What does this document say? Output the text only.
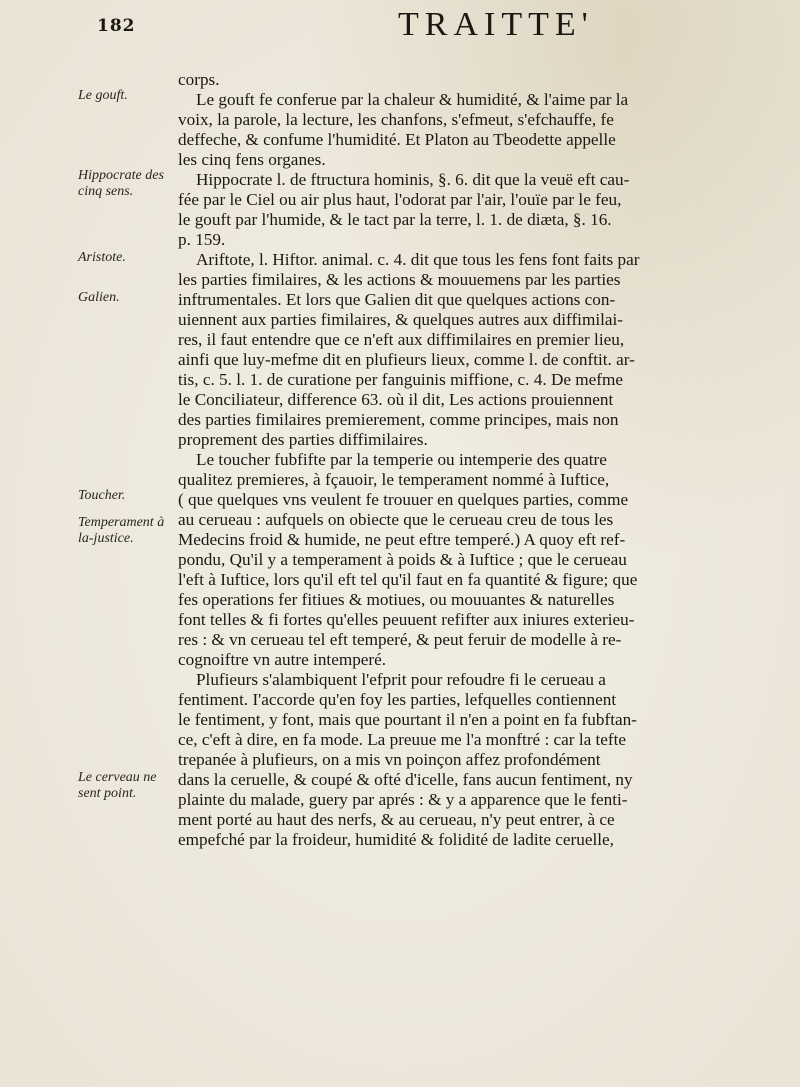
182	TRAITTE'
Le gouft.
Hippocrate des cinq sens.
Aristote.
Galien.
Toucher.
Temperament à la-justice.
Le cerveau ne sent point.
corps.
Le gouft fe conferue par la chaleur & humidité, & l'aime par la
voix, la parole, la lecture, les chanfons, s'efmeut, s'efchauffe, fe
deffeche, & confume l'humidité. Et Platon au Tbeodette appelle
les cinq fens organes.
Hippocrate l. de ftructura hominis, §. 6. dit que la veuë eft cau-
fée par le Ciel ou air plus haut, l'odorat par l'air, l'ouïe par le feu,
le gouft par l'humide, & le tact par la terre, l. 1. de diæta, §. 16.
p. 159.
Ariftote, l. Hiftor. animal. c. 4. dit que tous les fens font faits par
les parties fimilaires, & les actions & mouuemens par les parties
inftrumentales. Et lors que Galien dit que quelques actions con-
uiennent aux parties fimilaires, & quelques autres aux diffimilai-
res, il faut entendre que ce n'eft aux diffimilaires en premier lieu,
ainfi que luy-mefme dit en plufieurs lieux, comme l. de conftit. ar-
tis, c. 5. l. 1. de curatione per fanguinis miffione, c. 4. De mefme
le Conciliateur, difference 63. où il dit, Les actions prouiennent
des parties fimilaires premierement, comme principes, mais non
proprement des parties diffimilaires.
Le toucher fubfifte par la temperie ou intemperie des quatre
qualitez premieres, à fçauoir, le temperament nommé à Iuftice,
( que quelques vns veulent fe trouuer en quelques parties, comme
au cerueau : aufquels on obiecte que le cerueau creu de tous les
Medecins froid & humide, ne peut eftre temperé.) A quoy eft ref-
pondu, Qu'il y a temperament à poids & à Iuftice ; que le cerueau
l'eft à Iuftice, lors qu'il eft tel qu'il faut en fa quantité & figure; que
fes operations fer fitiues & motiues, ou mouuantes & naturelles
font telles & fi fortes qu'elles peuuent refifter aux iniures exterieu-
res : & vn cerueau tel eft temperé, & peut feruir de modelle à re-
cognoiftre vn autre intemperé.
Plufieurs s'alambiquent l'efprit pour refoudre fi le cerueau a
fentiment. I'accorde qu'en foy les parties, lefquelles contiennent
le fentiment, y font, mais que pourtant il n'en a point en fa fubftan-
ce, c'eft à dire, en fa mode. La preuue me l'a monftré : car la tefte
trepanée à plufieurs, on a mis vn poinçon affez profondément
dans la ceruelle, & coupé & ofté d'icelle, fans aucun fentiment, ny
plainte du malade, guery par aprés : & y a apparence que le fenti-
ment porté au haut des nerfs, & au cerueau, n'y peut entrer, à ce
empefché par la froideur, humidité & folidité de ladite ceruelle,
